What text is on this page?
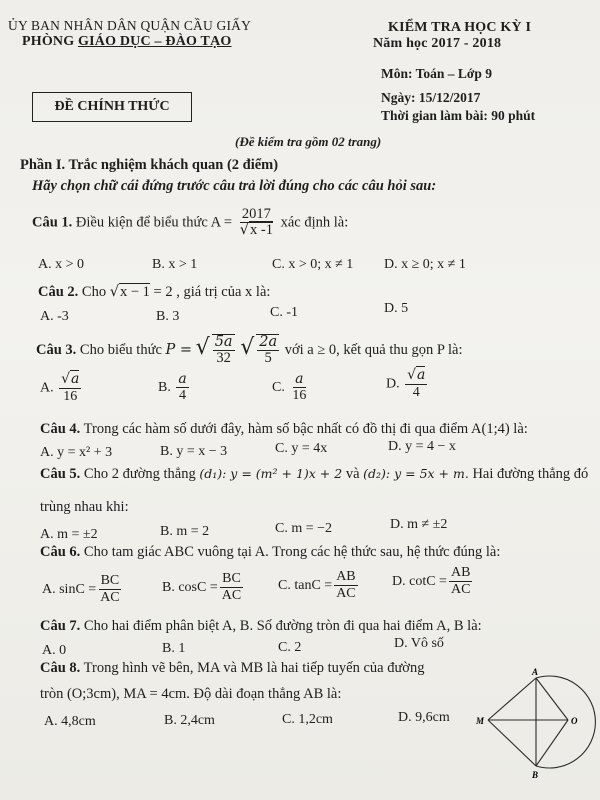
ỦY BAN NHÂN DÂN QUẬN CẦU GIẤY
PHÒNG GIÁO DỤC – ĐÀO TẠO
KIỂM TRA HỌC KỲ I
Năm học 2017 - 2018
Môn: Toán – Lớp 9
Ngày: 15/12/2017
Thời gian làm bài: 90 phút
ĐỀ CHÍNH THỨC
(Đề kiểm tra gồm 02 trang)
Phần I. Trắc nghiệm khách quan (2 điểm)
Hãy chọn chữ cái đứng trước câu trả lời đúng cho các câu hỏi sau:
Câu 1. Điều kiện để biểu thức $A = \frac{2017}{√x -1}$ xác định là:
A. x > 0	B. x > 1	C. x > 0; x ≠ 1 D. x ≥ 0; x ≠ 1
Câu 2. Cho √x − 1 = 2 , giá trị của x là:
A. -3	B. 3	C. -1	D. 5
Câu 3. Cho biểu thức P = √ $\frac{5a}{32}$ √ $\frac{2a}{5}$ với a ≥ 0, kết quả thu gọn P là:
A. $\frac{√a}{16}$	B. $\frac{a}{4}$	C. $\frac{a}{16}$	D. $\frac{√a}{4}$
Câu 4. Trong các hàm số dưới đây, hàm số bậc nhất có đồ thị đi qua điểm A(1;4) là:
A. y = x² + 3	B. y = x − 3	C. y = 4x	D. y = 4 − x
Câu 5. Cho 2 đường thẳng (d₁): y = (m² + 1)x + 2 và (d₂): y = 5x + m. Hai đường thẳng đó
trùng nhau khi:
A. m = ±2	B. m = 2	C. m = −2	D. m ≠ ±2
Câu 6. Cho tam giác ABC vuông tại A. Trong các hệ thức sau, hệ thức đúng là:
A. $\sin C = \frac{BC}{AC}$	B. $\cos C = \frac{BC}{AC} C$. $\tan C = \frac{AB}{AC} D$. $\cot C = \frac{AB}{AC}$
Câu 7. Cho hai điểm phân biệt A, B. Số đường tròn đi qua hai điểm A, B là:
A. 0	B. 1	C. 2	D. Vô số
Câu 8. Trong hình vẽ bên, MA và MB là hai tiếp tuyến của đường
tròn (O;3cm), MA = 4cm. Độ dài đoạn thẳng AB là:
A. 4,8cm	B. 2,4cm	C. 1,2cm	D. 9,6cm
A
B
M	O
